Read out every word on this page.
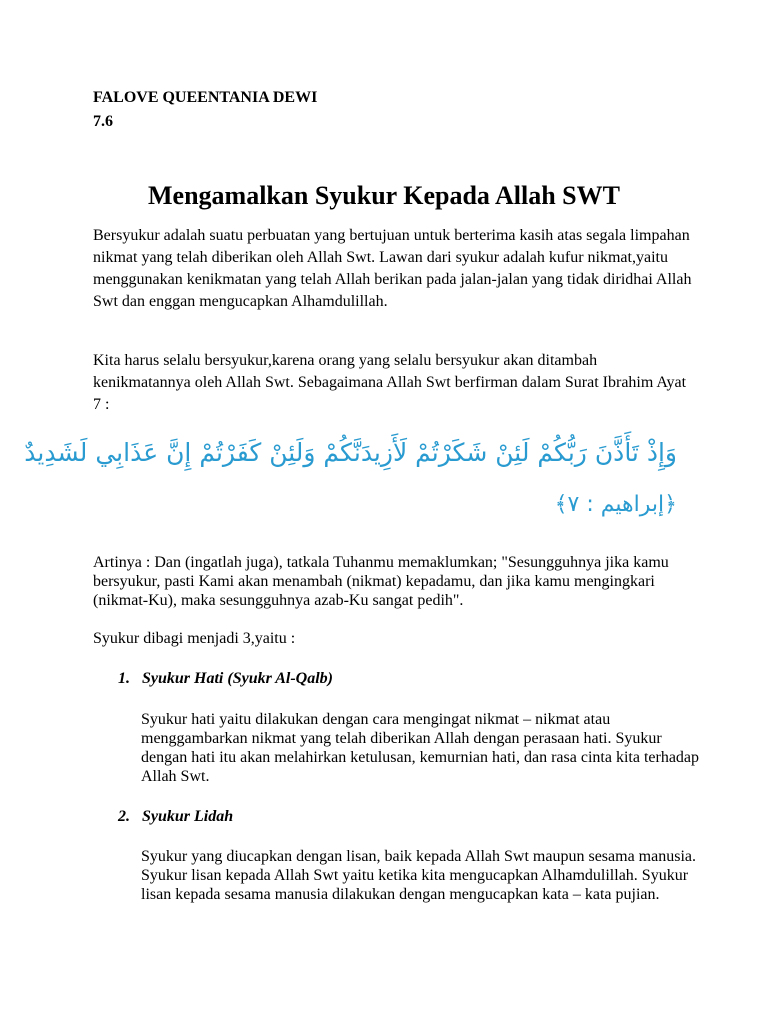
FALOVE QUEENTANIA DEWI
7.6
Mengamalkan Syukur Kepada Allah SWT

Bersyukur adalah suatu perbuatan yang bertujuan untuk berterima kasih atas segala limpahan nikmat yang telah diberikan oleh Allah Swt. Lawan dari syukur adalah kufur nikmat,yaitu menggunakan kenikmatan yang telah Allah berikan pada jalan-jalan yang tidak diridhai Allah Swt dan enggan mengucapkan Alhamdulillah.

Kita harus selalu bersyukur,karena orang yang selalu bersyukur akan ditambah kenikmatannya oleh Allah Swt. Sebagaimana Allah Swt berfirman dalam Surat Ibrahim Ayat 7 :

وَإِذْ تَأَذَّنَ رَبُّكُمْ لَئِنْ شَكَرْتُمْ لَأَزِيدَنَّكُمْ وَلَئِنْ كَفَرْتُمْ إِنَّ عَذَابِي لَشَدِيدٌ
﴿إبراهيم : ٧﴾

Artinya : Dan (ingatlah juga), tatkala Tuhanmu memaklumkan; "Sesungguhnya jika kamu bersyukur, pasti Kami akan menambah (nikmat) kepadamu, dan jika kamu mengingkari (nikmat-Ku), maka sesungguhnya azab-Ku sangat pedih".

Syukur dibagi menjadi 3,yaitu :

1. Syukur Hati (Syukr Al-Qalb)

Syukur hati yaitu dilakukan dengan cara mengingat nikmat – nikmat atau menggambarkan nikmat yang telah diberikan Allah dengan perasaan hati. Syukur dengan hati itu akan melahirkan ketulusan, kemurnian hati, dan rasa cinta kita terhadap Allah Swt.

2. Syukur Lidah

Syukur yang diucapkan dengan lisan, baik kepada Allah Swt maupun sesama manusia. Syukur lisan kepada Allah Swt yaitu ketika kita mengucapkan Alhamdulillah. Syukur lisan kepada sesama manusia dilakukan dengan mengucapkan kata – kata pujian.
